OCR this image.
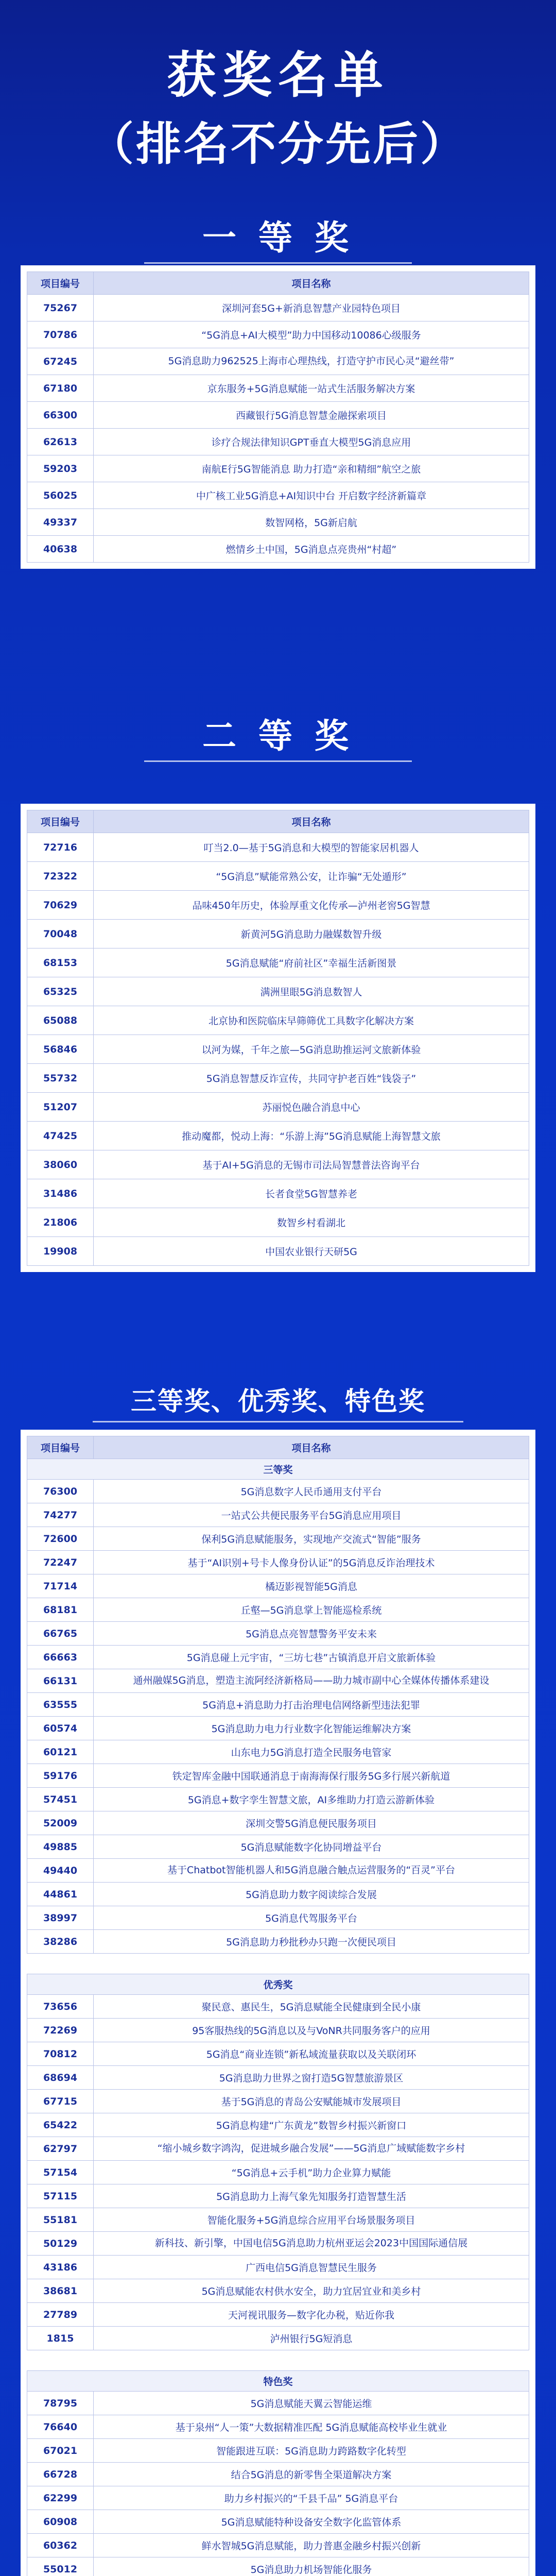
获奖名单
（排名不分先后）
一 等 奖
项目编号	项目名称
75267	深圳河套5G+新消息智慧产业园特色项目
70786	“5G消息+AI大模型”助力中国移动10086心级服务
67245	5G消息助力962525上海市心理热线，打造守护市民心灵“避丝带”
67180	京东服务+5G消息赋能一站式生活服务解决方案
66300	西藏银行5G消息智慧金融探索项目
62613	诊疗合规法律知识GPT垂直大模型5G消息应用
59203	南航E行5G智能消息 助力打造“亲和精细”航空之旅
56025	中广核工业5G消息+AI知识中台 开启数字经济新篇章
49337	数智网格，5G新启航
40638	燃情乡土中国，5G消息点亮贵州“村超”
二 等 奖
项目编号	项目名称
72716	叮当2.0—基于5G消息和大模型的智能家居机器人
72322	“5G消息”赋能常熟公安，让诈骗“无处遁形”
70629	品味450年历史，体验厚重文化传承—泸州老窖5G智慧
70048	新黄河5G消息助力融媒数智升级
68153	5G消息赋能“府前社区”幸福生活新图景
65325	满洲里眼5G消息数智人
65088	北京协和医院临床早筛筛优工具数字化解决方案
56846	以河为媒，千年之旅—5G消息助推运河文旅新体验
55732	5G消息智慧反诈宣传，共同守护老百姓“钱袋子”
51207	苏丽悦色融合消息中心
47425	推动魔都，悦动上海：“乐游上海”5G消息赋能上海智慧文旅
38060	基于AI+5G消息的无锡市司法局智慧普法咨询平台
31486	长者食堂5G智慧养老
21806	数智乡村看湖北
19908	中国农业银行天研5G
三等奖、优秀奖、特色奖
项目编号	项目名称
三等奖	
76300	5G消息数字人民币通用支付平台
74277	一站式公共便民服务平台5G消息应用项目
72600	保利5G消息赋能服务，实现地产交流式“智能”服务
72247	基于“AI识别+号卡人像身份认证”的5G消息反诈治理技术
71714	橘迈影视智能5G消息
68181	丘壑—5G消息掌上智能巡检系统
66765	5G消息点亮智慧警务平安未来
66663	5G消息碰上元宇宙，“三坊七巷”古镇消息开启文旅新体验
66131	通州融媒5G消息，塑造主流阿经济新格局——助力城市副中心全媒体传播体系建设
63555	5G消息+消息助力打击治理电信网络新型违法犯罪
60574	5G消息助力电力行业数字化智能运维解决方案
60121	山东电力5G消息打造全民服务电管家
59176	铁定智库金融中国联通消息于南海海保行服务5G多行展兴新航道
57451	5G消息+数字孪生智慧文旅，AI多维助力打造云游新体验
52009	深圳交警5G消息便民服务项目
49885	5G消息赋能数字化协同增益平台
49440	基于Chatbot智能机器人和5G消息融合触点运营服务的“百灵”平台
44861	5G消息助力数字阅读综合发展
38997	5G消息代驾服务平台
38286	5G消息助力秒批秒办只跑一次便民项目

优秀奖	
73656	聚民意、惠民生，5G消息赋能全民健康到全民小康
72269	95客服热线的5G消息以及与VoNR共同服务客户的应用
70812	5G消息“商业连锁”新私域流量获取以及关联闭环
68694	5G消息助力世界之窗打造5G智慧旅游景区
67715	基于5G消息的青岛公安赋能城市发展项目
65422	5G消息构建“广东黄龙”数智乡村振兴新窗口
62797	“缩小城乡数字鸿沟，促进城乡融合发展”——5G消息广域赋能数字乡村
57154	“5G消息+云手机”助力企业算力赋能
57115	5G消息助力上海气象先知服务打造智慧生活
55181	智能化服务+5G消息综合应用平台场景服务项目
50129	新科技、新引擎，中国电信5G消息助力杭州亚运会2023中国国际通信展
43186	广西电信5G消息智慧民生服务
38681	5G消息赋能农村供水安全，助力宜居宜业和美乡村
27789	天河视讯服务—数字化办税，贴近你我
1815	泸州银行5G短消息

特色奖	
78795	5G消息赋能天翼云智能运维
76640	基于泉州“人一策”大数据精准匹配 5G消息赋能高校毕业生就业
67021	智能跟进互联：5G消息助力跨路数字化转型
66728	结合5G消息的新零售全渠道解决方案
62299	助力乡村振兴的“千县千品” 5G消息平台
60908	5G消息赋能特种设备安全数字化监管体系
60362	鲜水智城5G消息赋能，助力普惠金融乡村振兴创新
55012	5G消息助力机场智能化服务
